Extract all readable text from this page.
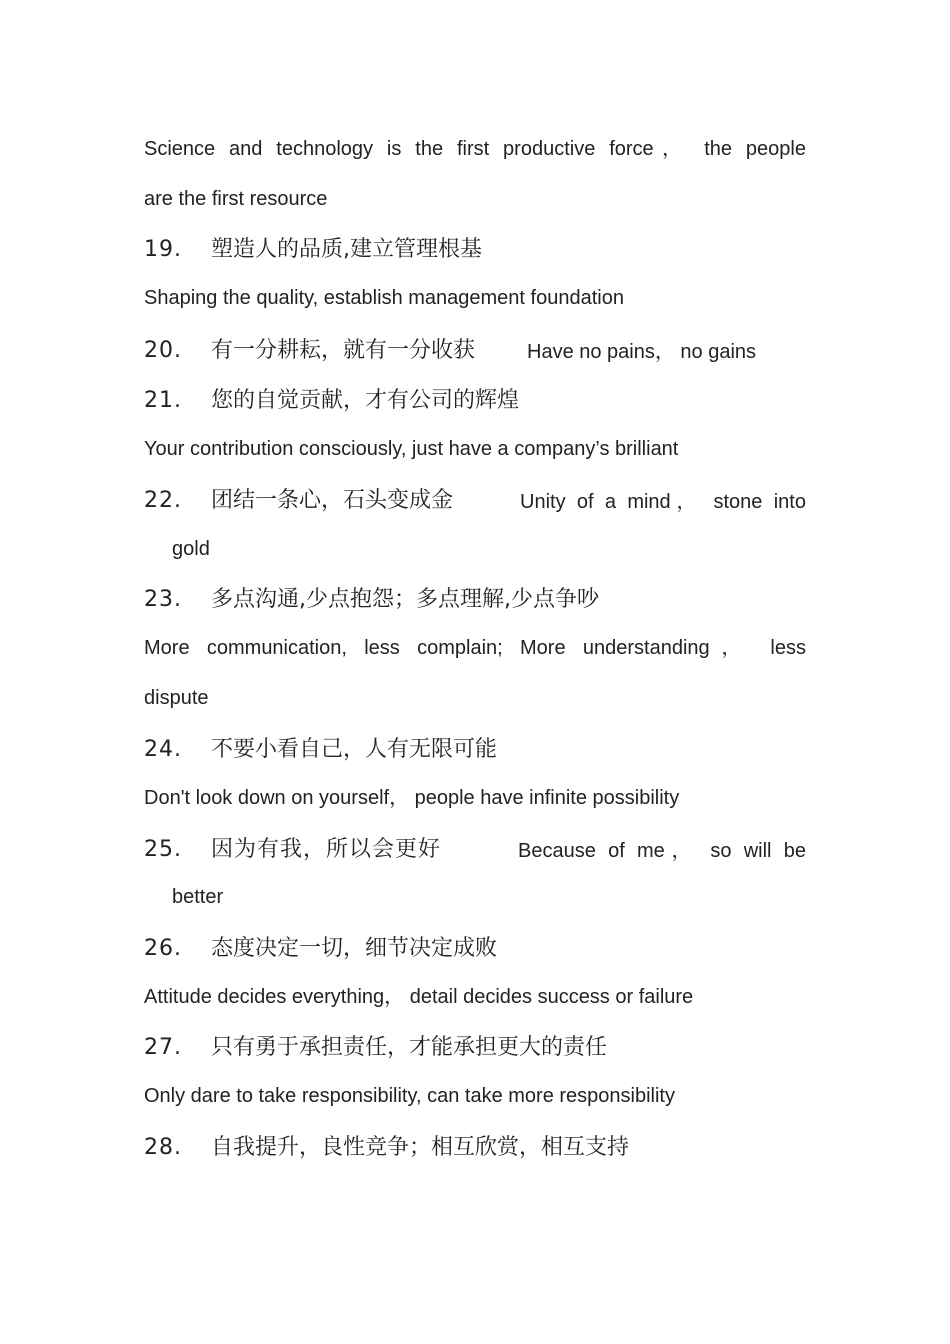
Science and technology is the first productive force， the people
are the first resource
19. 塑造人的品质,建立管理根基
Shaping the quality, establish management foundation
20. 有一分耕耘，就有一分收获	Have no pains， no gains
21. 您的自觉贡献，才有公司的辉煌
Your contribution consciously, just have a company’s brilliant
22. 团结一条心，石头变成金	Unity of a mind， stone into
gold
23. 多点沟通,少点抱怨；多点理解,少点争吵
More communication, less complain; More understanding， less
dispute
24. 不要小看自己，人有无限可能
Don't look down on yourself， people have infinite possibility
25. 因为有我，所以会更好	Because of me， so will be
better
26. 态度决定一切，细节决定成败
Attitude decides everything， detail decides success or failure
27. 只有勇于承担责任，才能承担更大的责任
Only dare to take responsibility, can take more responsibility
28. 自我提升，良性竞争；相互欣赏，相互支持
